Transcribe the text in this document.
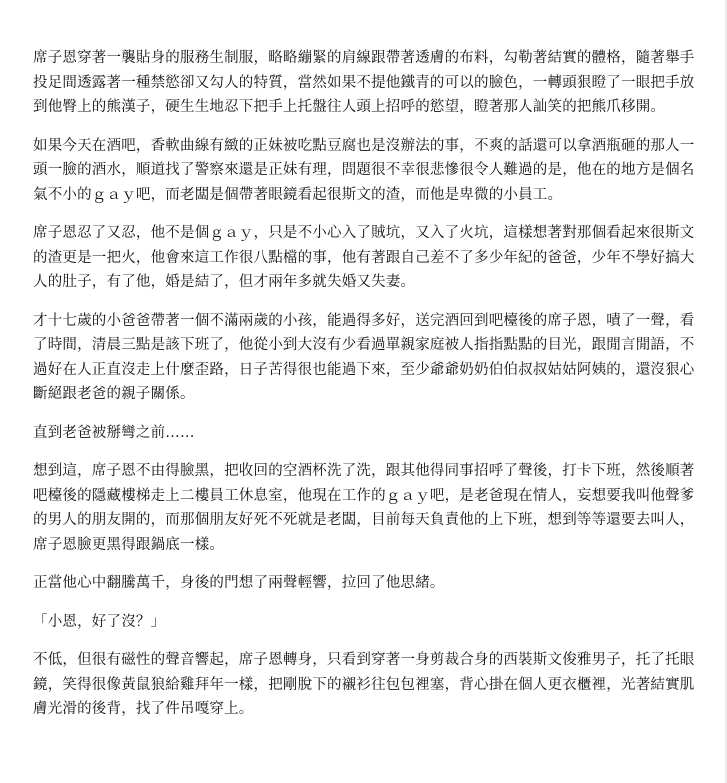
席子恩穿著一襲貼身的服務生制服，略略繃緊的肩線跟帶著透膚的布料，勾勒著結實的體格，隨著舉手投足間透露著一種禁慾卻又勾人的特質，當然如果不提他鐵青的可以的臉色，一轉頭狠瞪了一眼把手放到他臀上的熊漢子，硬生生地忍下把手上托盤往人頭上招呼的慾望，瞪著那人訕笑的把熊爪移開。

如果今天在酒吧，香軟曲線有緻的正妹被吃點豆腐也是沒辦法的事，不爽的話還可以拿酒瓶砸的那人一頭一臉的酒水，順道找了警察來還是正妹有理，問題很不幸很悲慘很令人難過的是，他在的地方是個名氣不小的ｇａｙ吧，而老闆是個帶著眼鏡看起很斯文的渣，而他是卑微的小員工。

席子恩忍了又忍，他不是個ｇａｙ，只是不小心入了賊坑，又入了火坑，這樣想著對那個看起來很斯文的渣更是一把火，他會來這工作很八點檔的事，他有著跟自己差不了多少年紀的爸爸，少年不學好搞大人的肚子，有了他，婚是結了，但才兩年多就失婚又失妻。

才十七歲的小爸爸帶著一個不滿兩歲的小孩，能過得多好，送完酒回到吧檯後的席子恩，嘖了一聲，看了時間，清晨三點是該下班了，他從小到大沒有少看過單親家庭被人指指點點的目光，跟閒言閒語，不過好在人正直沒走上什麼歪路，日子苦得很也能過下來，至少爺爺奶奶伯伯叔叔姑姑阿姨的，還沒狠心斷絕跟老爸的親子關係。

直到老爸被掰彎之前……

想到這，席子恩不由得臉黑，把收回的空酒杯洗了洗，跟其他得同事招呼了聲後，打卡下班，然後順著吧檯後的隱藏樓梯走上二樓員工休息室，他現在工作的ｇａｙ吧，是老爸現在情人，妄想要我叫他聲爹的男人的朋友開的，而那個朋友好死不死就是老闆，目前每天負責他的上下班，想到等等還要去叫人，席子恩臉更黑得跟鍋底一樣。

正當他心中翻騰萬千，身後的門想了兩聲輕響，拉回了他思緒。

「小恩，好了沒？」

不低，但很有磁性的聲音響起，席子恩轉身，只看到穿著一身剪裁合身的西裝斯文俊雅男子，托了托眼鏡，笑得很像黃鼠狼給雞拜年一樣，把剛脫下的襯衫往包包裡塞，背心掛在個人更衣櫃裡，光著結實肌膚光滑的後背，找了件吊嘎穿上。
